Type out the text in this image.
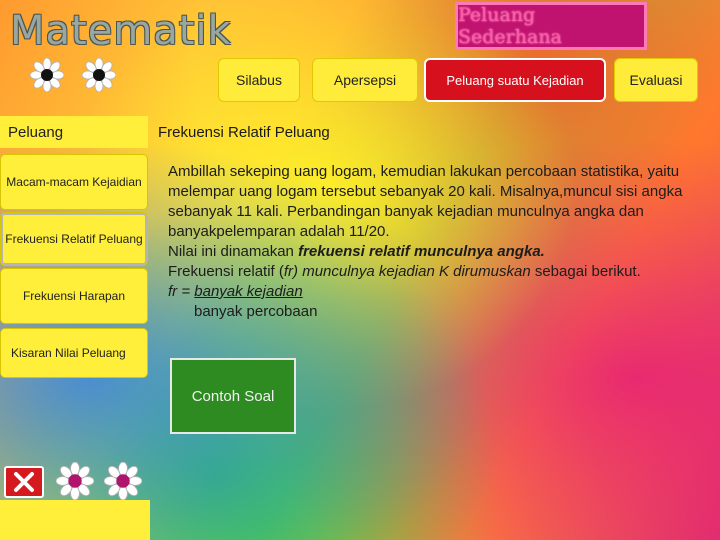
Matematik	Peluang Sederhana
Silabus	Apersepsi	Peluang suatu Kejadian	Evaluasi
Peluang
Macam-macam Kejaidian
Frekuensi Relatif Peluang
Frekuensi Harapan
Kisaran Nilai Peluang
Frekuensi Relatif Peluang
Ambillah sekeping uang logam, kemudian lakukan percobaan statistika, yaitu melempar uang logam tersebut sebanyak 20 kali. Misalnya,muncul sisi angka sebanyak 11 kali. Perbandingan banyak kejadian munculnya angka dan banyakpelemparan adalah 11/20.
Nilai ini dinamakan frekuensi relatif munculnya angka.
Frekuensi relatif (fr) munculnya kejadian K dirumuskan sebagai berikut.
fr = banyak kejadian
banyak percobaan
Contoh Soal
